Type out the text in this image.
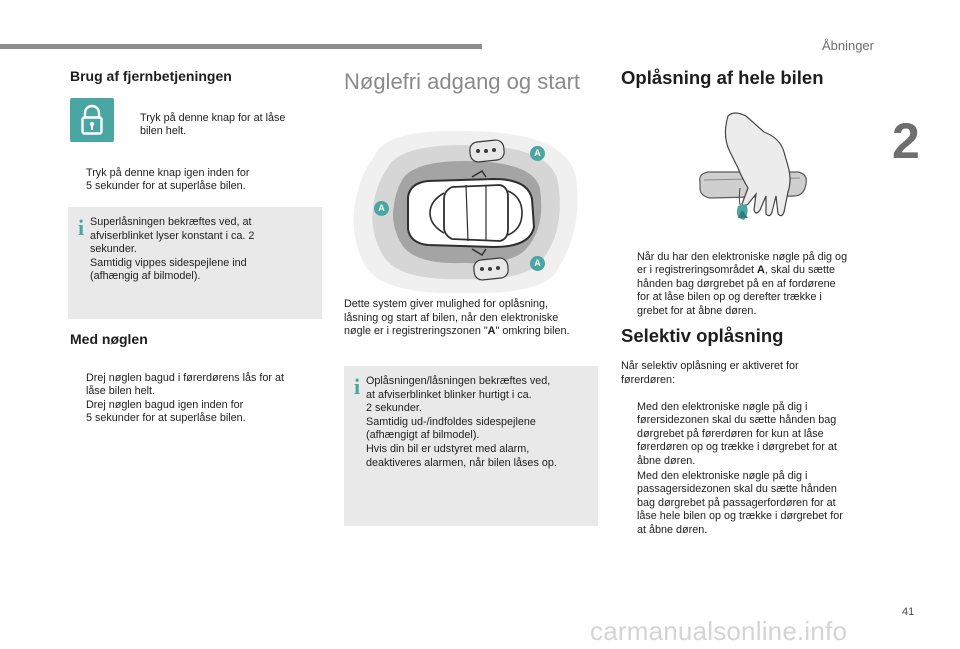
Åbninger
2
Brug af fjernbetjeningen

Tryk på denne knap for at låse
bilen helt.

Tryk på denne knap igen inden for
5 sekunder for at superlåse bilen.

i Superlåsningen bekræftes ved, at
afviserblinket lyser konstant i ca. 2
sekunder.
Samtidig vippes sidespejlene ind
(afhængig af bilmodel).
Med nøglen

Drej nøglen bagud i førerdørens lås for at
låse bilen helt.

Drej nøglen bagud igen inden for
5 sekunder for at superlåse bilen.

Nøglefri adgang og start
A
A
A
Dette system giver mulighed for oplåsning,
låsning og start af bilen, når den elektroniske
nøgle er i registreringszonen "A" omkring bilen.
i Oplåsningen/låsningen bekræftes ved,
at afviserblinket blinker hurtigt i ca.
2 sekunder.
Samtidig ud-/indfoldes sidespejlene
(afhængigt af bilmodel).
Hvis din bil er udstyret med alarm,
deaktiveres alarmen, når bilen låses op.
Oplåsning af hele bilen

Når du har den elektroniske nøgle på dig og
er i registreringsområdet A, skal du sætte
hånden bag dørgrebet på en af fordørene
for at låse bilen op og derefter trække i
grebet for at åbne døren.

Selektiv oplåsning
Når selektiv oplåsning er aktiveret for
førerdøren:

Med den elektroniske nøgle på dig i
førersidezonen skal du sætte hånden bag
dørgrebet på førerdøren for kun at låse
førerdøren op og trække i dørgrebet for at
åbne døren.

Med den elektroniske nøgle på dig i
passagersidezonen skal du sætte hånden
bag dørgrebet på passagerfordøren for at
låse hele bilen op og trække i dørgrebet for
at åbne døren.

41
carmanualsonline.info
